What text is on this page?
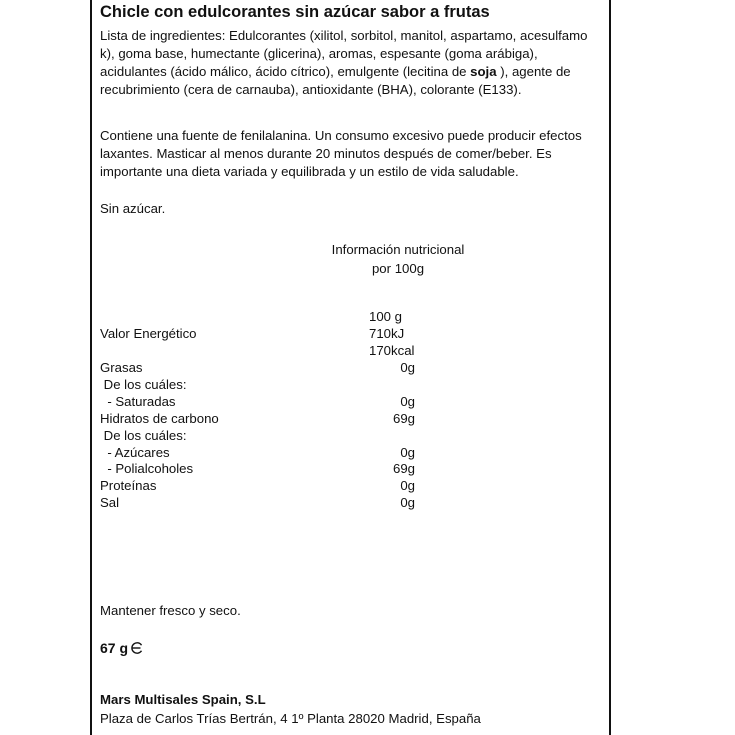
Chicle con edulcorantes sin azúcar sabor a frutas
Lista de ingredientes: Edulcorantes (xilitol, sorbitol, manitol, aspartamo, acesulfamo k), goma base, humectante (glicerina), aromas, espesante (goma arábiga), acidulantes (ácido málico, ácido cítrico), emulgente (lecitina de soja ), agente de recubrimiento (cera de carnauba), antioxidante (BHA), colorante (E133).
Contiene una fuente de fenilalanina. Un consumo excesivo puede producir efectos laxantes. Masticar al menos durante 20 minutos después de comer/beber. Es importante una dieta variada y equilibrada y un estilo de vida saludable.
Sin azúcar.
Información nutricional
por 100g
100 g
Valor Energético	710kJ
170kcal
Grasas	0g
De los cuáles:
- Saturadas	0g
Hidratos de carbono	69g
De los cuáles:
- Azúcares	0g
- Polialcoholes	69g
Proteínas	0g
Sal	0g
Mantener fresco y seco.
67 g
Mars Multisales Spain, S.L
Plaza de Carlos Trías Bertrán, 4 1º Planta 28020 Madrid, España
